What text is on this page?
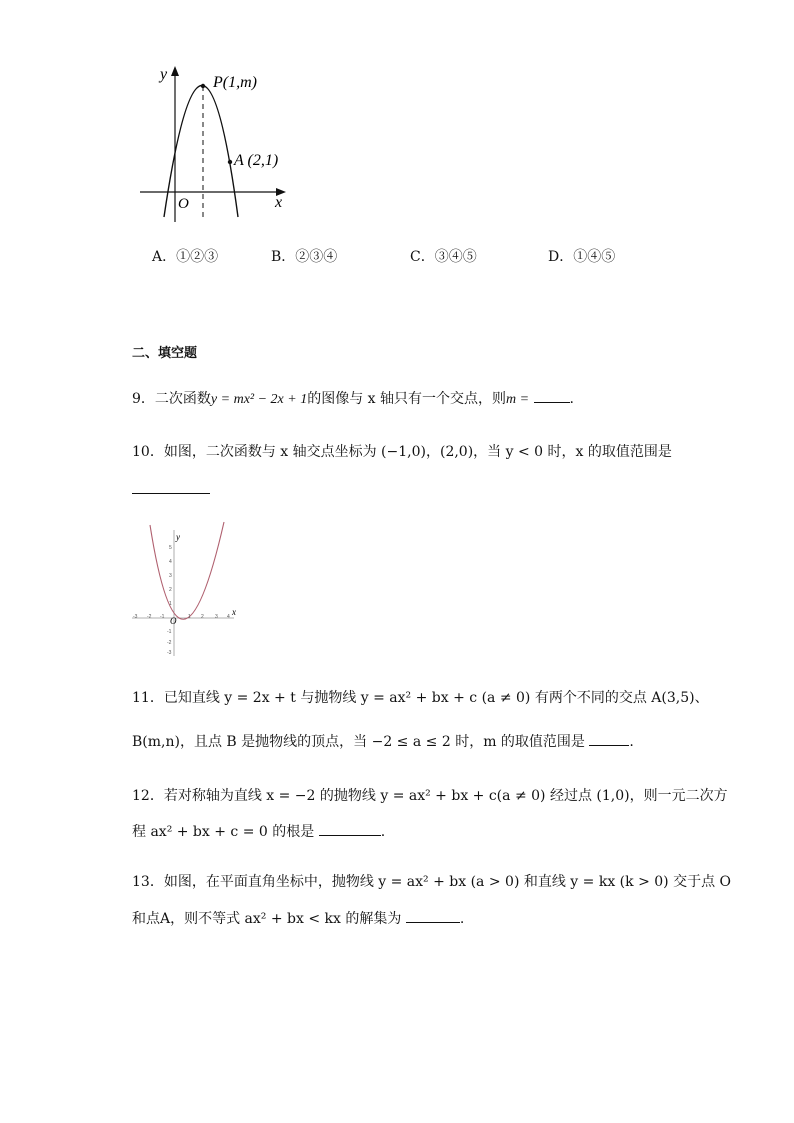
y
x
O
P(1,m)
A (2,1)
A．①②③	B．②③④	C．③④⑤	D．①④⑤
二、填空题
9．二次函数y = mx² − 2x + 1的图像与 x 轴只有一个交点，则m =	.
10．如图，二次函数与 x 轴交点坐标为 (−1,0)，(2,0)，当 y < 0 时，x 的取值范围是
y
x
O
5
4
3
2
1
-1
-2
-3
-3 -2 -1	1 2 3 4
11．已知直线 y = 2x + t 与抛物线 y = ax² + bx + c (a ≠ 0) 有两个不同的交点 A(3,5)、
B(m,n)，且点 B 是抛物线的顶点，当 −2 ≤ a ≤ 2 时，m 的取值范围是	.
12．若对称轴为直线 x = −2 的抛物线 y = ax² + bx + c(a ≠ 0) 经过点 (1,0)，则一元二次方
程 ax² + bx + c = 0 的根是	.
13．如图，在平面直角坐标中，抛物线 y = ax² + bx (a > 0) 和直线 y = kx (k > 0) 交于点 O
和点A，则不等式 ax² + bx < kx 的解集为	.
